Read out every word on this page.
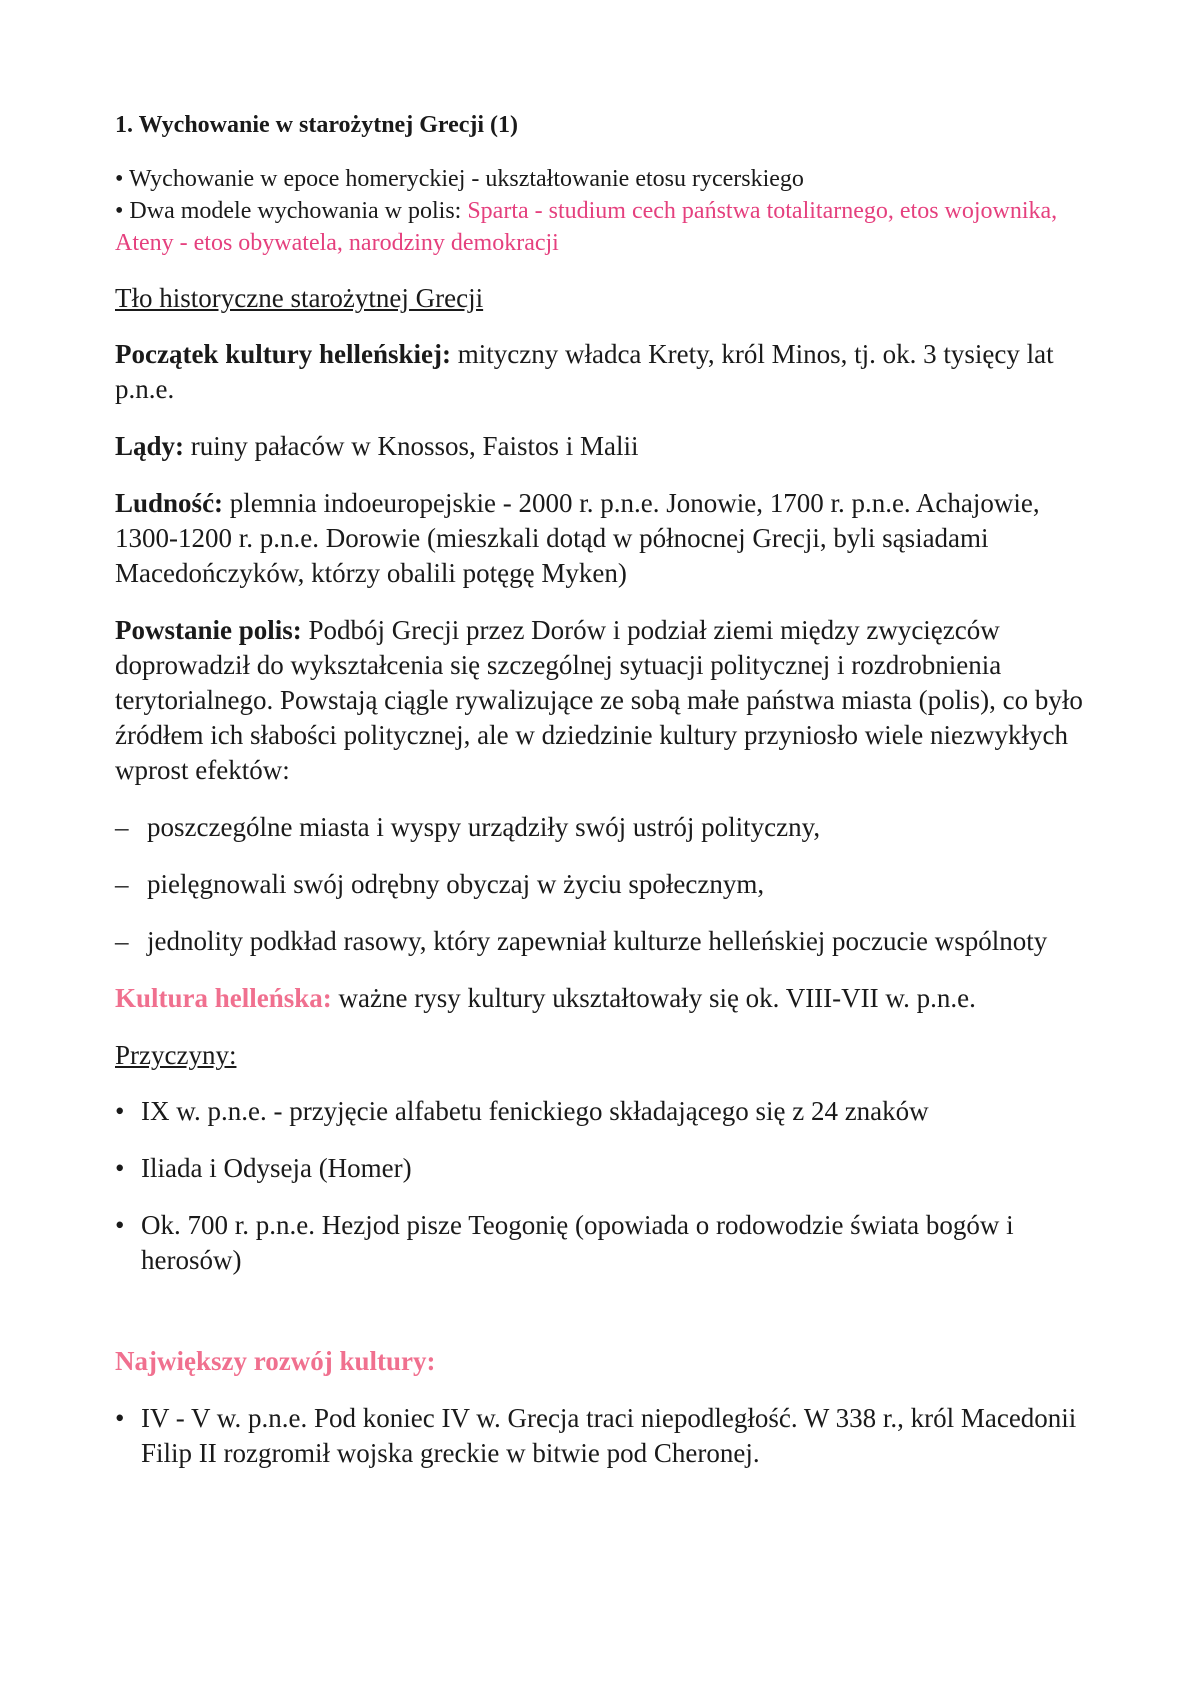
1. Wychowanie w starożytnej Grecji (1)
• Wychowanie w epoce homeryckiej - ukształtowanie etosu rycerskiego
• Dwa modele wychowania w polis: Sparta - studium cech państwa totalitarnego, etos wojownika, Ateny - etos obywatela, narodziny demokracji
Tło historyczne starożytnej Grecji

Początek kultury helleńskiej: mityczny władca Krety, król Minos, tj. ok. 3 tysięcy lat p.n.e.

Lądy: ruiny pałaców w Knossos, Faistos i Malii

Ludność: plemnia indoeuropejskie - 2000 r. p.n.e. Jonowie, 1700 r. p.n.e. Achajowie, 1300-1200 r. p.n.e. Dorowie (mieszkali dotąd w północnej Grecji, byli sąsiadami Macedończyków, którzy obalili potęgę Myken)

Powstanie polis: Podbój Grecji przez Dorów i podział ziemi między zwycięzców doprowadził do wykształcenia się szczególnej sytuacji politycznej i rozdrobnienia terytorialnego. Powstają ciągle rywalizujące ze sobą małe państwa miasta (polis), co było źródłem ich słabości politycznej, ale w dziedzinie kultury przyniosło wiele niezwykłych wprost efektów:

– poszczególne miasta i wyspy urządziły swój ustrój polityczny,
– pielęgnowali swój odrębny obyczaj w życiu społecznym,
– jednolity podkład rasowy, który zapewniał kulturze helleńskiej poczucie wspólnoty

Kultura helleńska: ważne rysy kultury ukształtowały się ok. VIII-VII w. p.n.e.

Przyczyny:
• IX w. p.n.e. - przyjęcie alfabetu fenickiego składającego się z 24 znaków
• Iliada i Odyseja (Homer)
• Ok. 700 r. p.n.e. Hezjod pisze Teogonię (opowiada o rodowodzie świata bogów i herosów)

Największy rozwój kultury:

• IV - V w. p.n.e. Pod koniec IV w. Grecja traci niepodległość. W 338 r., król Macedonii Filip II rozgromił wojska greckie w bitwie pod Cheronej.
